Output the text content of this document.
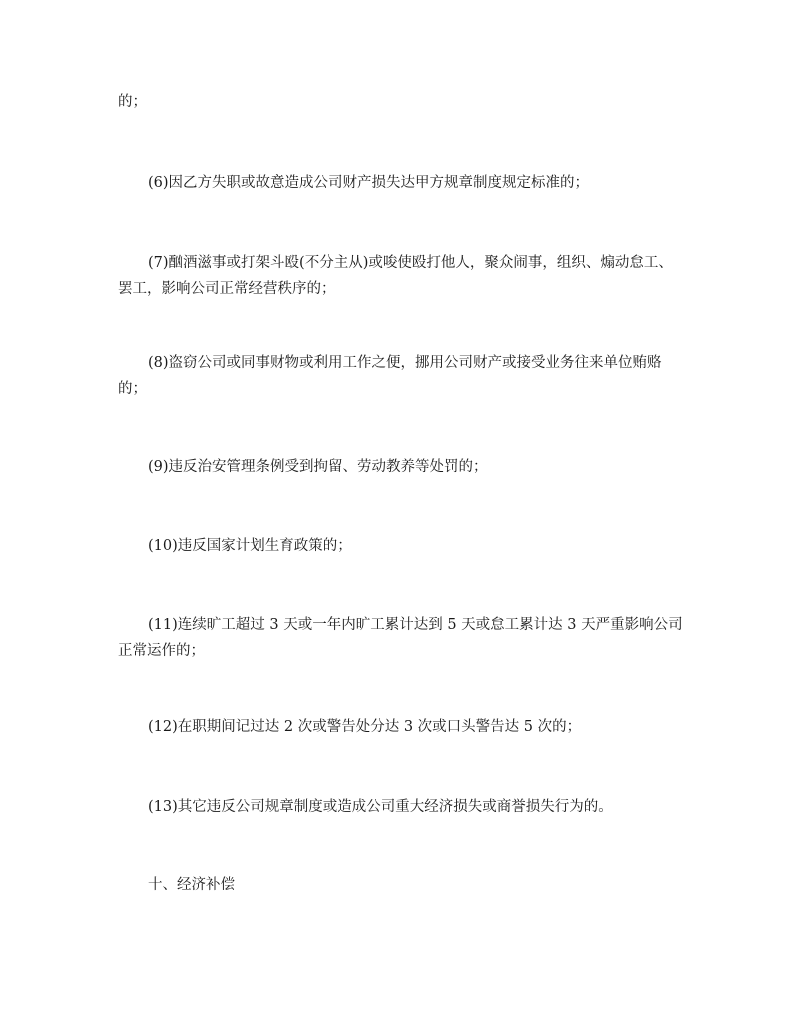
的；

(6)因乙方失职或故意造成公司财产损失达甲方规章制度规定标准的；

(7)酗酒滋事或打架斗殴(不分主从)或唆使殴打他人，聚众闹事，组织、煽动怠工、罢工，影响公司正常经营秩序的；

(8)盗窃公司或同事财物或利用工作之便，挪用公司财产或接受业务往来单位贿赂的；

(9)违反治安管理条例受到拘留、劳动教养等处罚的；

(10)违反国家计划生育政策的；

(11)连续旷工超过 3 天或一年内旷工累计达到 5 天或怠工累计达 3 天严重影响公司正常运作的；

(12)在职期间记过达 2 次或警告处分达 3 次或口头警告达 5 次的；

(13)其它违反公司规章制度或造成公司重大经济损失或商誉损失行为的。

十、经济补偿
